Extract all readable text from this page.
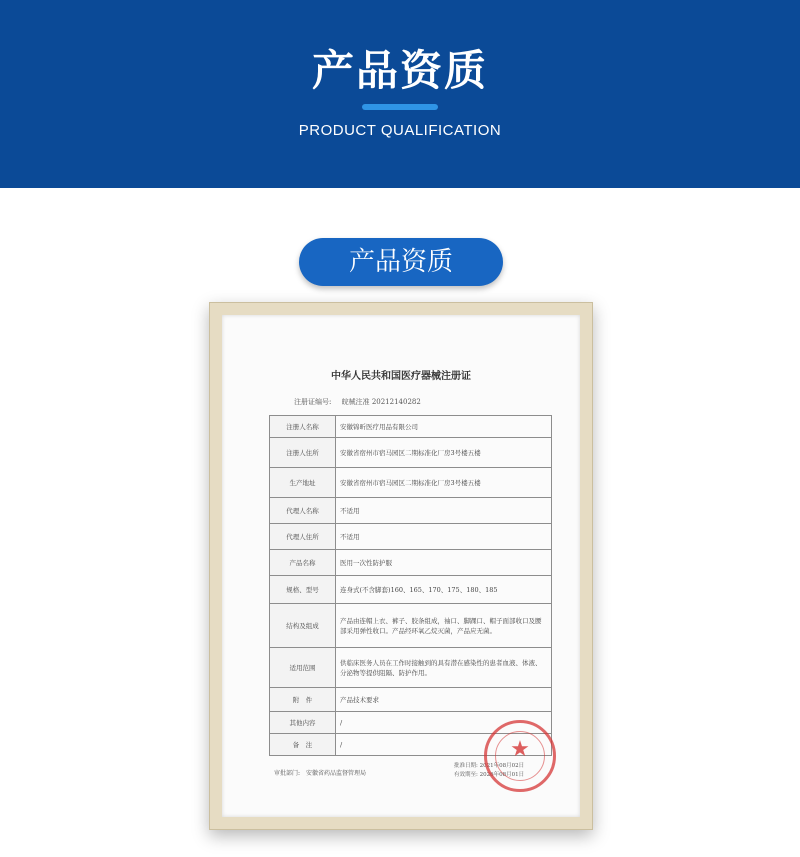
产品资质
PRODUCT QUALIFICATION
产品资质
中华人民共和国医疗器械注册证
注册证编号: 皖械注准 20212140282
注册人名称	安徽锦昕医疗用品有限公司
注册人住所	安徽省宿州市宿马园区二期标准化厂房3号楼五楼
生产地址	安徽省宿州市宿马园区二期标准化厂房3号楼五楼
代理人名称	不适用
代理人住所	不适用
产品名称	医用一次性防护服
规格、型号	连身式(不含脚套)160、165、170、175、180、185
结构及组成	产品由连帽上衣、裤子、胶条组成，袖口、脚踝口、帽子面部收口及腰部采用弹性收口。产品经环氧乙烷灭菌，产品应无菌。
适用范围	供临床医务人员在工作时接触到的具有潜在感染性的患者血液、体液、分泌物等提供阻隔、防护作用。
附　件	产品技术要求
其他内容	/
备　注	/
审批部门:　安徽省药品监督管理局
批准日期: 2021年08月02日
有效期至: 2026年08月01日
★
